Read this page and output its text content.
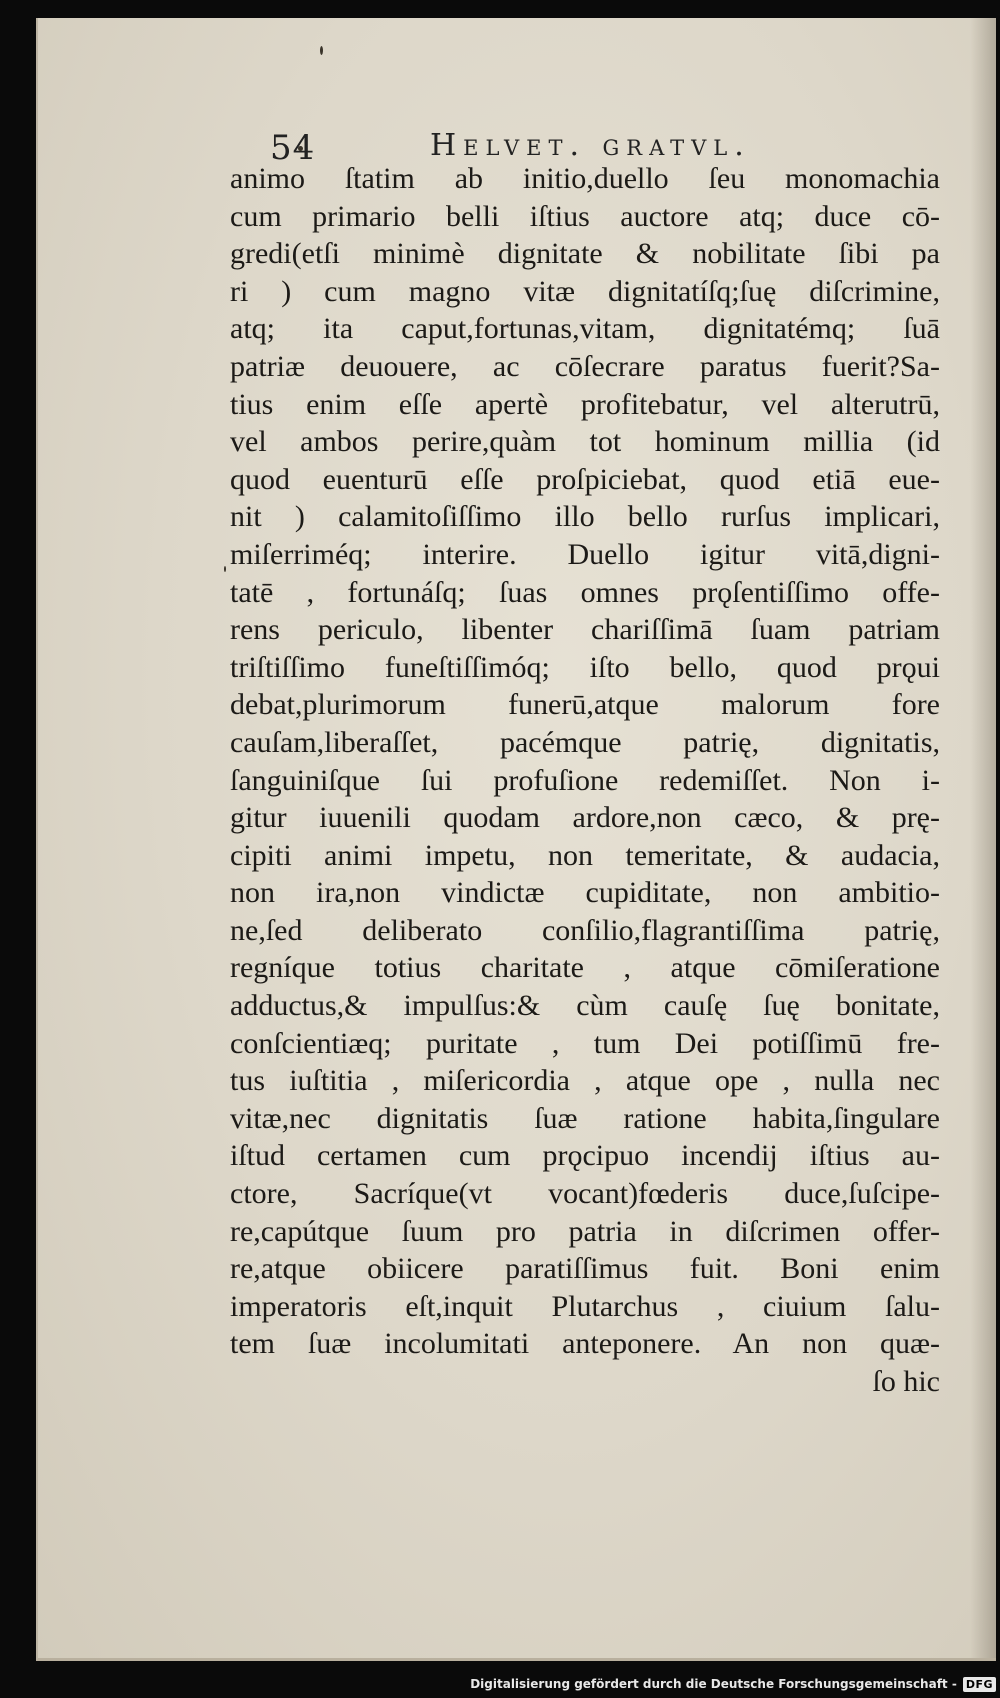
54	Helvet. gratvl.
animo ſtatim ab initio,duello ſeu monomachia
cum primario belli iſtius auctore atq; duce cō-
gredi(etſi minimè dignitate & nobilitate ſibi pa
ri ) cum magno vitæ dignitatíſq;ſuę diſcrimine,
atq; ita caput,fortunas,vitam, dignitatémq; ſuā
patriæ deuouere, ac cōſecrare paratus fuerit?Sa-
tius enim eſſe apertè profitebatur, vel alterutrū,
vel ambos perire,quàm tot hominum millia (id
quod euenturū eſſe proſpiciebat, quod etiā eue-
nit ) calamitoſiſſimo illo bello rurſus implicari,
miſerriméq; interire. Duello igitur vitā,digni-
tatē , fortunáſq; ſuas omnes prǫſentiſſimo offe-
rens periculo, libenter chariſſimā ſuam patriam
triſtiſſimo funeſtiſſimóq; iſto bello, quod prǫui
debat,plurimorum funerū,atque malorum fore
cauſam,liberaſſet, pacémque patrię, dignitatis,
ſanguiniſque ſui profuſione redemiſſet. Non i-
gitur iuuenili quodam ardore,non cæco, & prę-
cipiti animi impetu, non temeritate, & audacia,
non ira,non vindictæ cupiditate, non ambitio-
ne,ſed deliberato conſilio,flagrantiſſima patrię,
regníque totius charitate , atque cōmiſeratione
adductus,& impulſus:& cùm cauſę ſuę bonitate,
conſcientiæq; puritate , tum Dei potiſſimū fre-
tus iuſtitia , miſericordia , atque ope , nulla nec
vitæ,nec dignitatis ſuæ ratione habita,ſingulare
iſtud certamen cum prǫcipuo incendij iſtius au-
ctore, Sacríque(vt vocant)fœderis duce,ſuſcipe-
re,capútque ſuum pro patria in diſcrimen offer-
re,atque obiicere paratiſſimus fuit. Boni enim
imperatoris eſt,inquit Plutarchus , ciuium ſalu-
tem ſuæ incolumitati anteponere. An non quæ-
ſo hic
Digitalisierung gefördert durch die Deutsche Forschungsgemeinschaft - DFG
